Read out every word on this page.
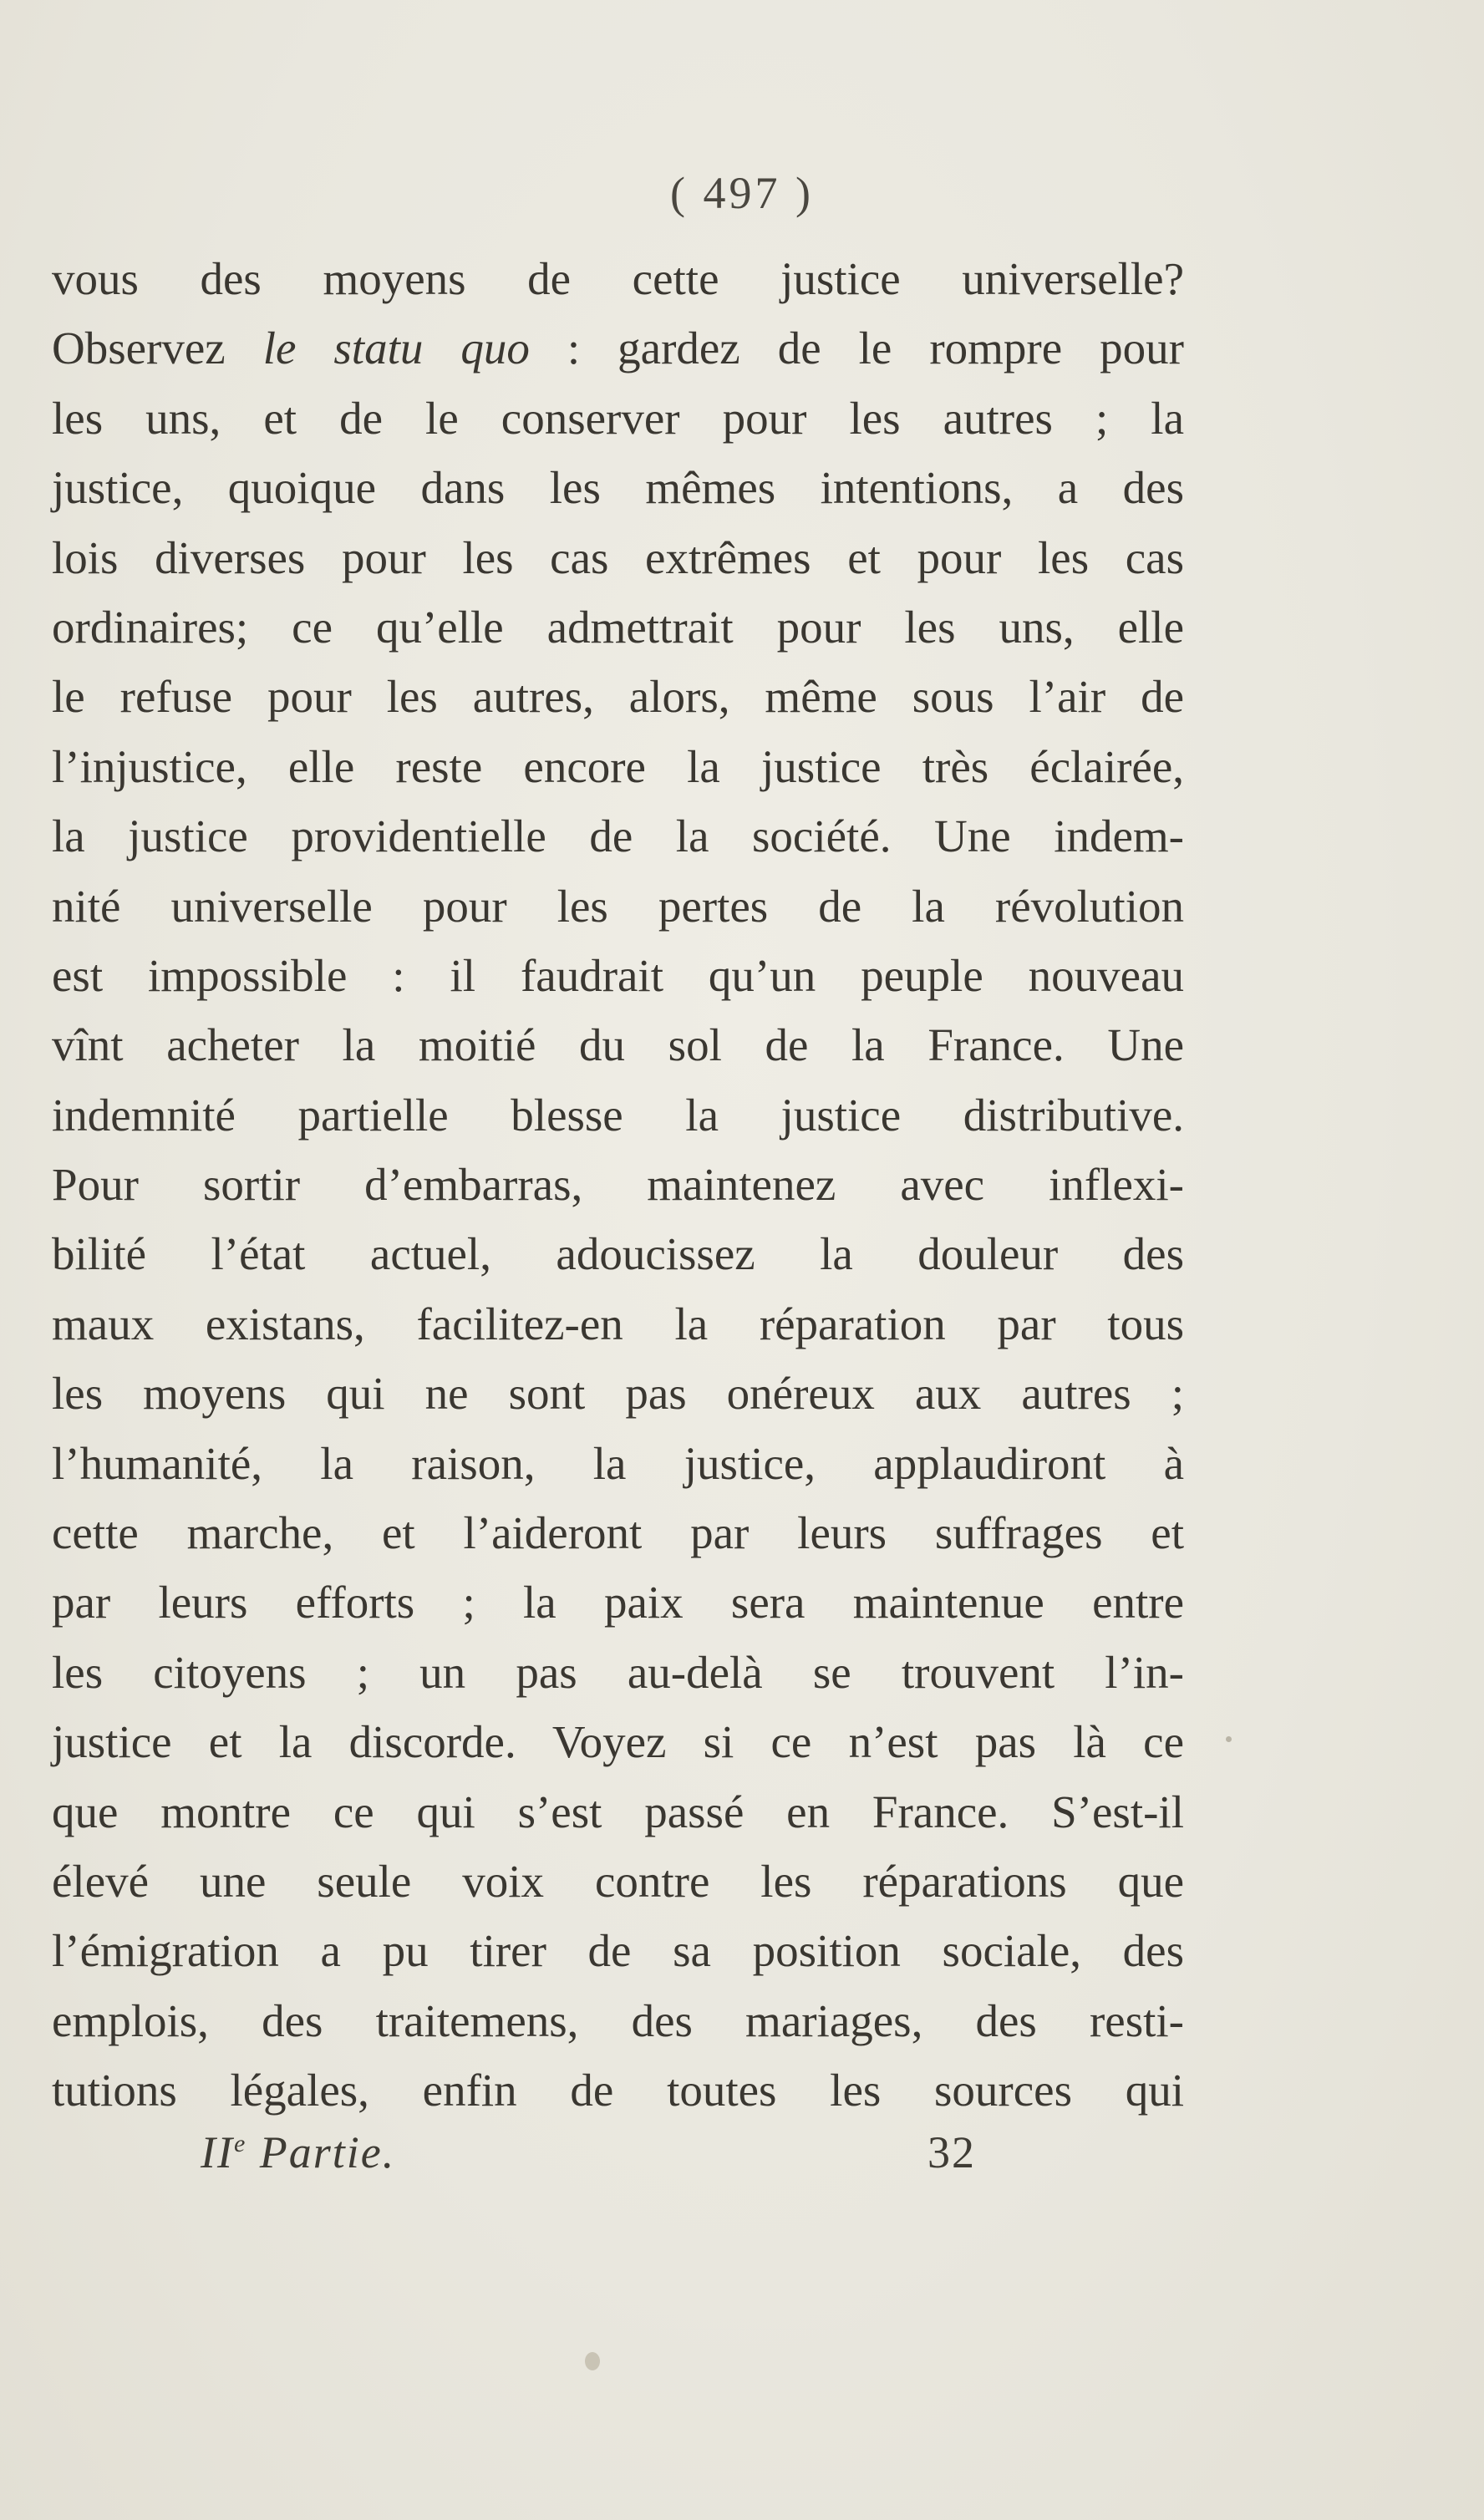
( 497 )
vous des moyens de cette justice universelle?
Observez le statu quo : gardez de le rompre pour
les uns, et de le conserver pour les autres ; la
justice, quoique dans les mêmes intentions, a des
lois diverses pour les cas extrêmes et pour les cas
ordinaires; ce qu’elle admettrait pour les uns, elle
le refuse pour les autres, alors, même sous l’air de
l’injustice, elle reste encore la justice très éclairée,
la justice providentielle de la société. Une indem-
nité universelle pour les pertes de la révolution
est impossible : il faudrait qu’un peuple nouveau
vînt acheter la moitié du sol de la France. Une
indemnité partielle blesse la justice distributive.
Pour sortir d’embarras, maintenez avec inflexi-
bilité l’état actuel, adoucissez la douleur des
maux existans, facilitez-en la réparation par tous
les moyens qui ne sont pas onéreux aux autres ;
l’humanité, la raison, la justice, applaudiront à
cette marche, et l’aideront par leurs suffrages et
par leurs efforts ; la paix sera maintenue entre
les citoyens ; un pas au-delà se trouvent l’in-
justice et la discorde. Voyez si ce n’est pas là ce
que montre ce qui s’est passé en France. S’est-il
élevé une seule voix contre les réparations que
l’émigration a pu tirer de sa position sociale, des
emplois, des traitemens, des mariages, des resti-
tutions légales, enfin de toutes les sources qui
IIe Partie.	32
